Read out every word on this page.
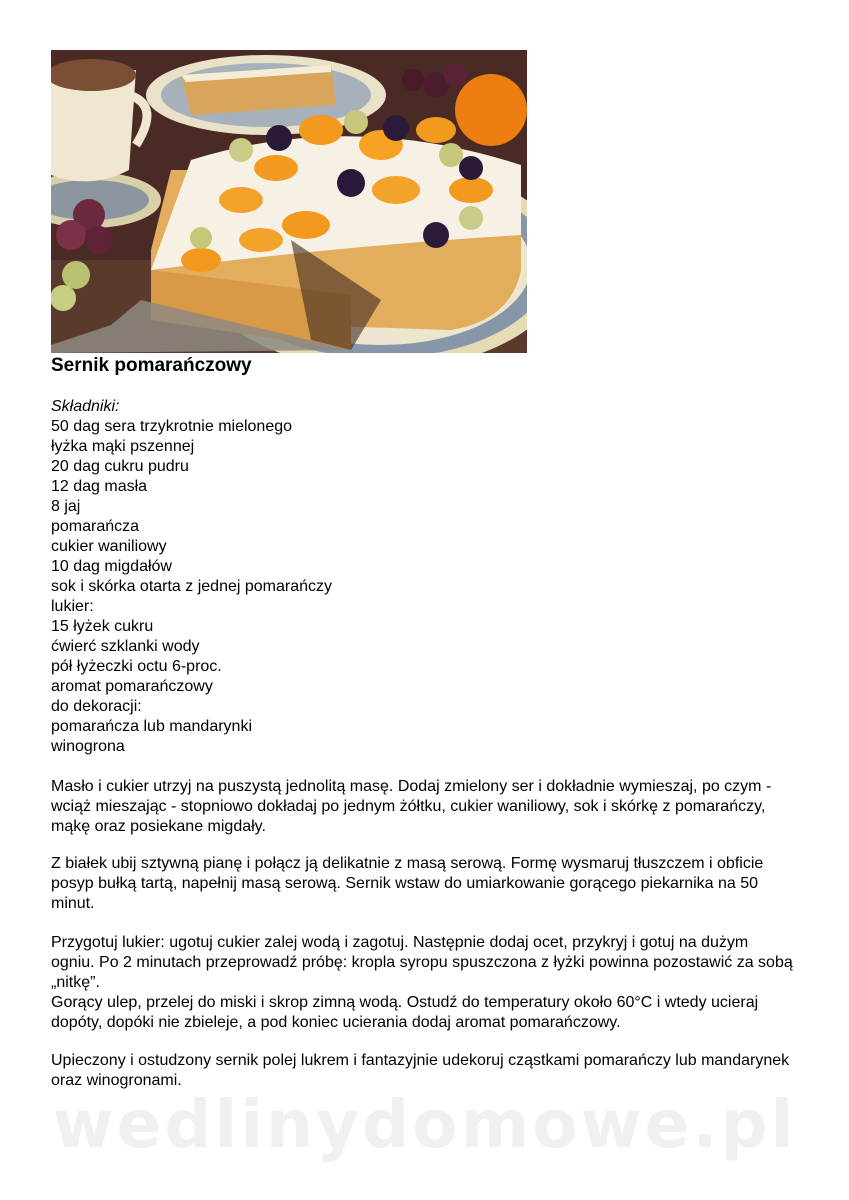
Sernik pomarańczowy
Składniki:
50 dag sera trzykrotnie mielonego
łyżka mąki pszennej
20 dag cukru pudru
12 dag masła
8 jaj
pomarańcza
cukier waniliowy
10 dag migdałów
sok i skórka otarta z jednej pomarańczy
lukier:
15 łyżek cukru
ćwierć szklanki wody
pół łyżeczki octu 6-proc.
aromat pomarańczowy
do dekoracji:
pomarańcza lub mandarynki
winogrona

Masło i cukier utrzyj na puszystą jednolitą masę. Dodaj zmielony ser i dokładnie wymieszaj, po czym - wciąż mieszając - stopniowo dokładaj po jednym żółtku, cukier waniliowy, sok i skórkę z pomarańczy, mąkę oraz posiekane migdały.

Z białek ubij sztywną pianę i połącz ją delikatnie z masą serową. Formę wysmaruj tłuszczem i obficie posyp bułką tartą, napełnij masą serową. Sernik wstaw do umiarkowanie gorącego piekarnika na 50 minut.

Przygotuj lukier: ugotuj cukier zalej wodą i zagotuj. Następnie dodaj ocet, przykryj i gotuj na dużym ogniu. Po 2 minutach przeprowadź próbę: kropla syropu spuszczona z łyżki powinna pozostawić za sobą „nitkę”.

Gorący ulep, przelej do miski i skrop zimną wodą. Ostudź do temperatury około 60°C i wtedy ucieraj dopóty, dopóki nie zbieleje, a pod koniec ucierania dodaj aromat pomarańczowy.

Upieczony i ostudzony sernik polej lukrem i fantazyjnie udekoruj cząstkami pomarańczy lub mandarynek oraz winogronami.

wedlinydomowe.pl
